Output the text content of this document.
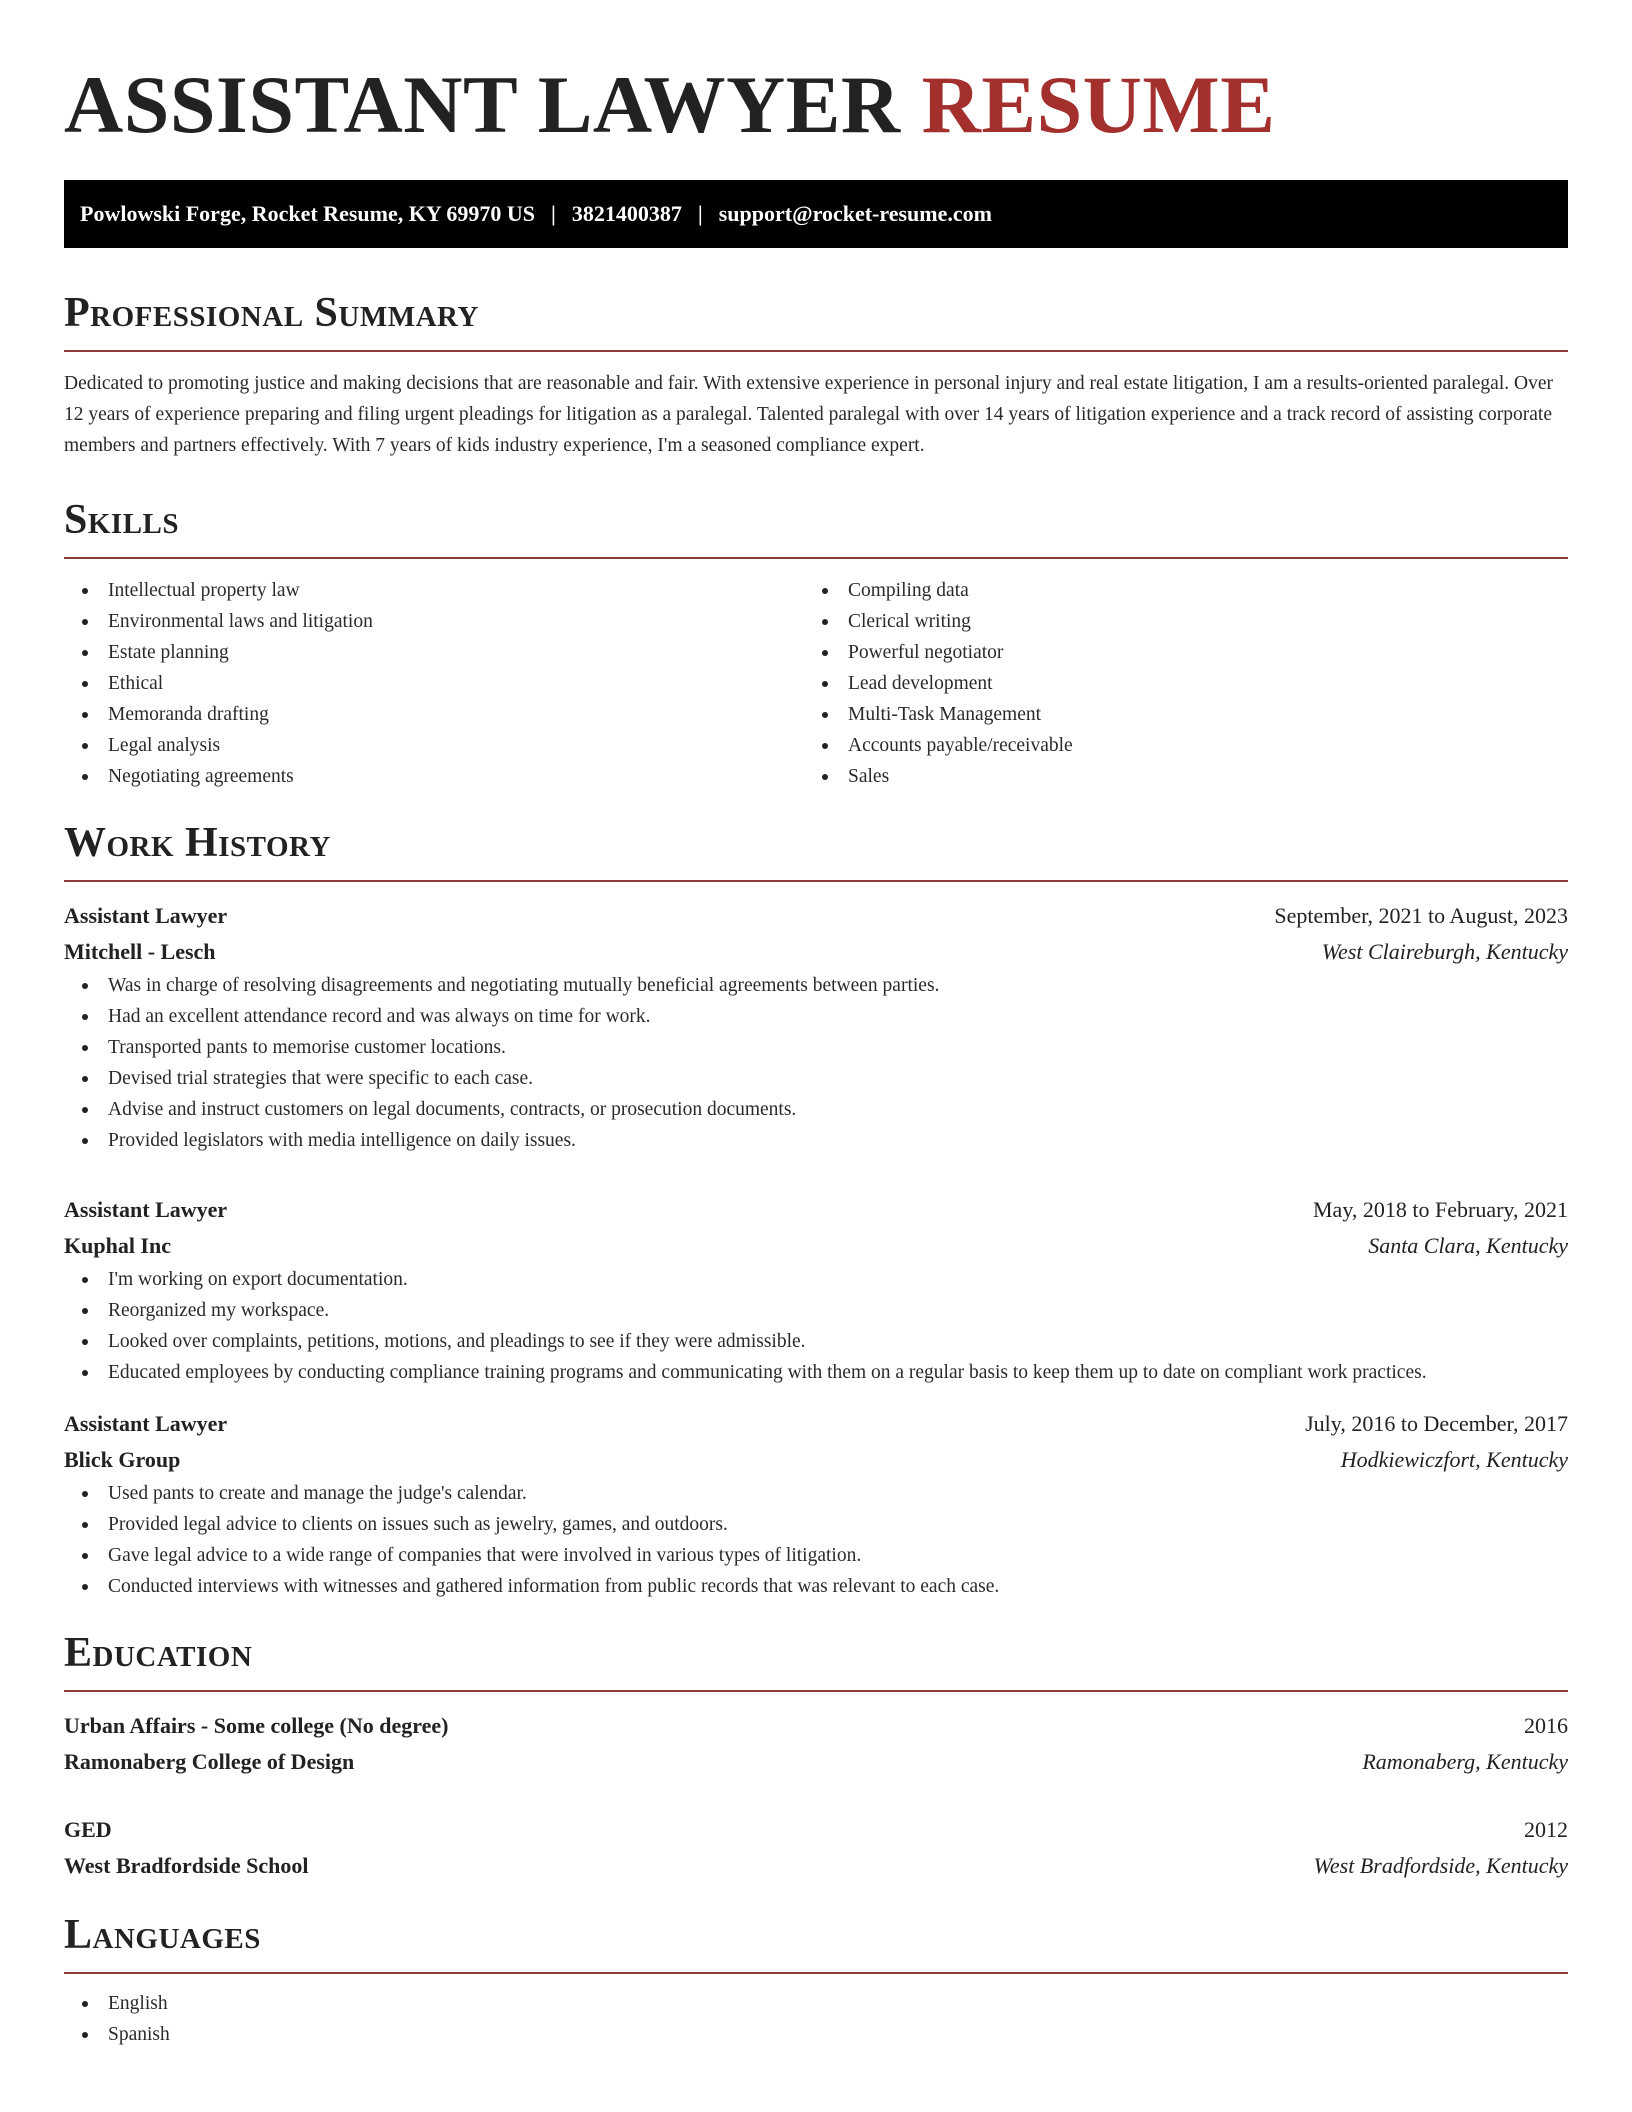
ASSISTANT LAWYER RESUME
Powlowski Forge, Rocket Resume, KY 69970 US | 3821400387 | support@rocket-resume.com
Professional Summary

Dedicated to promoting justice and making decisions that are reasonable and fair. With extensive experience in personal injury and real estate litigation, I am a results-oriented paralegal. Over 12 years of experience preparing and filing urgent pleadings for litigation as a paralegal. Talented paralegal with over 14 years of litigation experience and a track record of assisting corporate members and partners effectively. With 7 years of kids industry experience, I'm a seasoned compliance expert.

Skills
Intellectual property law
Environmental laws and litigation
Estate planning
Ethical
Memoranda drafting
Legal analysis
Negotiating agreements
Compiling data
Clerical writing
Powerful negotiator
Lead development
Multi-Task Management
Accounts payable/receivable
Sales
Work History
Assistant Lawyer	September, 2021 to August, 2023
Mitchell - Lesch	West Claireburgh, Kentucky
Was in charge of resolving disagreements and negotiating mutually beneficial agreements between parties.
Had an excellent attendance record and was always on time for work.
Transported pants to memorise customer locations.
Devised trial strategies that were specific to each case.
Advise and instruct customers on legal documents, contracts, or prosecution documents.
Provided legislators with media intelligence on daily issues.
Assistant Lawyer	May, 2018 to February, 2021
Kuphal Inc	Santa Clara, Kentucky
I'm working on export documentation.
Reorganized my workspace.
Looked over complaints, petitions, motions, and pleadings to see if they were admissible.
Educated employees by conducting compliance training programs and communicating with them on a regular basis to keep them up to date on compliant work practices.
Assistant Lawyer	July, 2016 to December, 2017
Blick Group	Hodkiewiczfort, Kentucky
Used pants to create and manage the judge's calendar.
Provided legal advice to clients on issues such as jewelry, games, and outdoors.
Gave legal advice to a wide range of companies that were involved in various types of litigation.
Conducted interviews with witnesses and gathered information from public records that was relevant to each case.
Education
Urban Affairs - Some college (No degree)	2016
Ramonaberg College of Design	Ramonaberg, Kentucky
GED	2012
West Bradfordside School	West Bradfordside, Kentucky
Languages
English
Spanish
